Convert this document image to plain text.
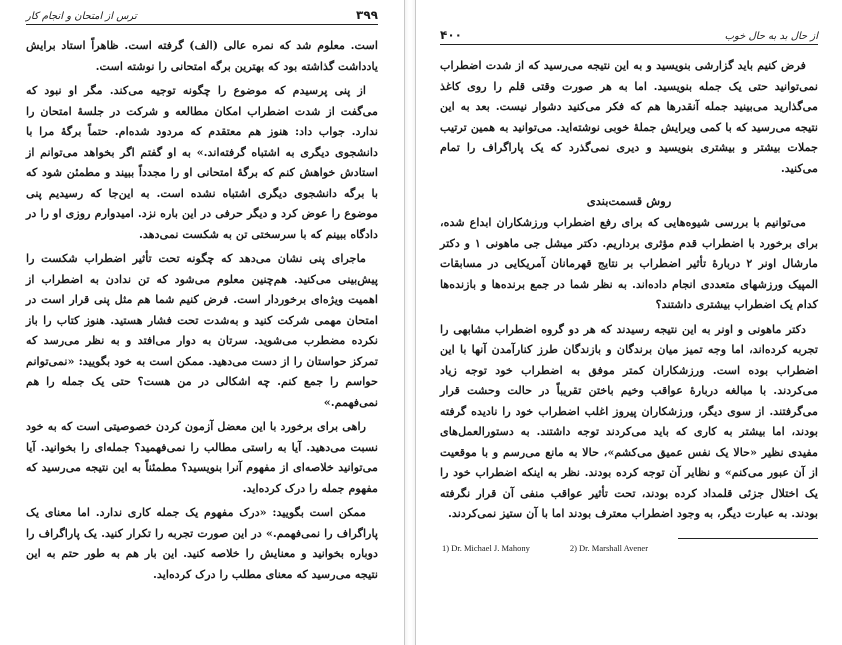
۳۹۹
ترس از امتحان و انجام کار

است. معلوم شد که نمره عالی (الف) گرفته است. ظاهراً استاد برایش یادداشت گذاشته بود که بهترین برگه امتحانی را نوشته است.

از پنی پرسیدم که موضوع را چگونه توجیه می‌کند. مگر او نبود که می‌گفت از شدت اضطراب امکان مطالعه و شرکت در جلسهٔ امتحان را ندارد. جواب داد: هنوز هم معتقدم که مردود شده‌ام. حتماً برگهٔ مرا با دانشجوی دیگری به اشتباه گرفته‌اند.» به او گفتم اگر بخواهد می‌توانم از استادش خواهش کنم که برگهٔ امتحانی او را مجدداً ببیند و مطمئن شود که با برگه دانشجوی دیگری اشتباه نشده است. به این‌جا که رسیدیم پنی موضوع را عوض کرد و دیگر حرفی در این باره نزد. امیدوارم روزی او را در دادگاه ببینم که با سرسختی تن به شکست نمی‌دهد.

ماجرای پنی نشان می‌دهد که چگونه تحت تأثیر اضطراب شکست را پیش‌بینی می‌کنید. هم‌چنین معلوم می‌شود که تن ندادن به اضطراب از اهمیت ویژه‌ای برخوردار است. فرض کنیم شما هم مثل پنی قرار است در امتحان مهمی شرکت کنید و به‌شدت تحت فشار هستید. هنوز کتاب را باز نکرده مضطرب می‌شوید. سرتان به دوار می‌افتد و به نظر می‌رسد که تمرکز حواستان را از دست می‌دهید. ممکن است به خود بگویید: «نمی‌توانم حواسم را جمع کنم. چه اشکالی در من هست؟ حتی یک جمله را هم نمی‌فهمم.»

راهی برای برخورد با این معضل آزمون کردن خصوصیتی است که به خود نسبت می‌دهید. آیا به راستی مطالب را نمی‌فهمید؟ جمله‌ای را بخوانید. آیا می‌توانید خلاصه‌ای از مفهوم آنرا بنویسید؟ مطمئناً به این نتیجه می‌رسید که مفهوم جمله را درک کرده‌اید.

ممکن است بگویید: «درک مفهوم یک جمله کاری ندارد. اما معنای یک پاراگراف را نمی‌فهمم.» در این صورت تجربه را تکرار کنید. یک پاراگراف را دوباره بخوانید و معنایش را خلاصه کنید. این بار هم به طور حتم به این نتیجه می‌رسید که معنای مطلب را درک کرده‌اید.

از حال بد به حال خوب
۴۰۰

فرض کنیم باید گزارشی بنویسید و به این نتیجه می‌رسید که از شدت اضطراب نمی‌توانید حتی یک جمله بنویسید. اما به هر صورت وقتی قلم را روی کاغذ می‌گذارید می‌بینید جمله آنقدرها هم که فکر می‌کنید دشوار نیست. بعد به این نتیجه می‌رسید که با کمی ویرایش جملهٔ خوبی نوشته‌اید. می‌توانید به همین ترتیب جملات بیشتر و بیشتری بنویسید و دیری نمی‌گذرد که یک پاراگراف را تمام می‌کنید.

روش قسمت‌بندی

می‌توانیم با بررسی شیوه‌هایی که برای رفع اضطراب ورزشکاران ابداع شده، برای برخورد با اضطراب قدم مؤثری برداریم. دکتر میشل جی ماهونی ۱ و دکتر مارشال اونر ۲ دربارهٔ تأثیر اضطراب بر نتایج قهرمانان آمریکایی در مسابقات المپیک ورزشهای متعددی انجام داده‌اند. به نظر شما در جمع برنده‌ها و بازنده‌ها کدام یک اضطراب بیشتری داشتند؟

دکتر ماهونی و اونر به این نتیجه رسیدند که هر دو گروه اضطراب مشابهی را تجربه کرده‌اند، اما وجه تمیز میان برندگان و بازندگان طرز کنارآمدن آنها با این اضطراب بوده است. ورزشکاران کمتر موفق به اضطراب خود توجه زیاد می‌کردند. با مبالغه دربارهٔ عواقب وخیم باختن تقریباً در حالت وحشت قرار می‌گرفتند. از سوی دیگر، ورزشکاران پیروز اغلب اضطراب خود را نادیده گرفته بودند، اما بیشتر به کاری که باید می‌کردند توجه داشتند. به دستورالعمل‌های مفیدی نظیر «حالا یک نفس عمیق می‌کشم»، حالا به مانع می‌رسم و با موقعیت از آن عبور می‌کنم» و نظایر آن توجه کرده بودند. نظر به اینکه اضطراب خود را یک اختلال جزئی قلمداد کرده بودند، تحت تأثیر عواقب منفی آن قرار نگرفته بودند. به عبارت دیگر، به وجود اضطراب معترف بودند اما با آن ستیز نمی‌کردند.

1) Dr. Michael J. Mahony	2) Dr. Marshall Avener
